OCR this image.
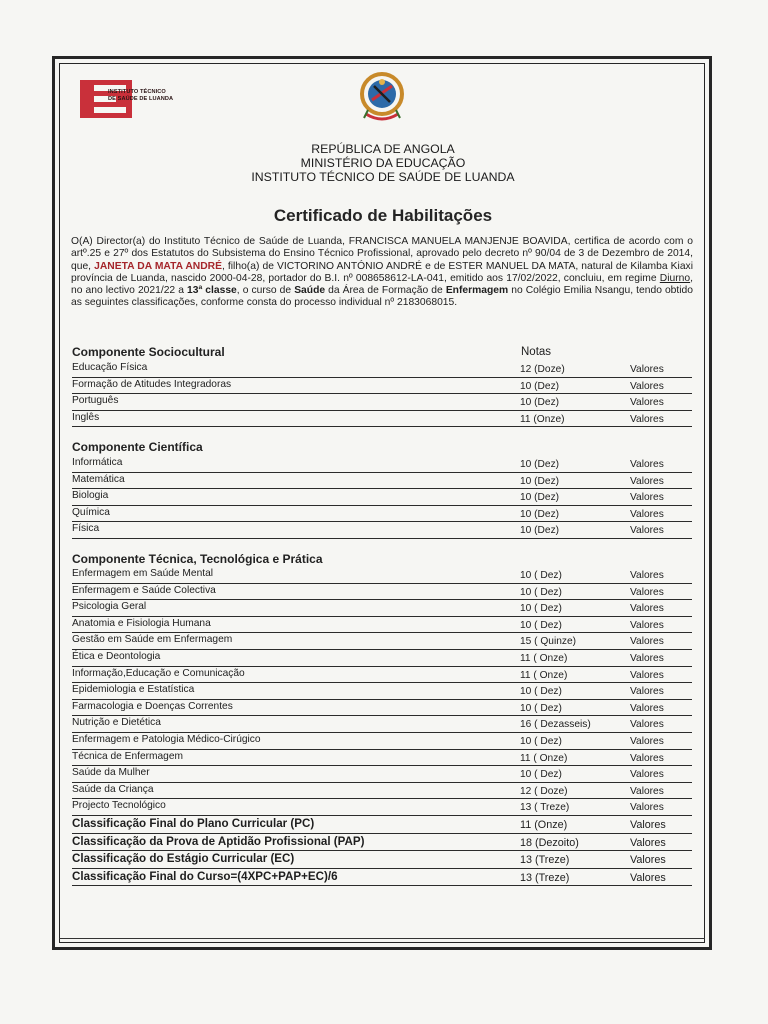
INSTITUTO TÉCNICO
DE SAÚDE DE LUANDA
REPÚBLICA DE ANGOLA
MINISTÉRIO DA EDUCAÇÃO
INSTITUTO TÉCNICO DE SAÚDE DE LUANDA
Certificado de Habilitações
O(A) Director(a) do Instituto Técnico de Saúde de Luanda, FRANCISCA MANUELA MANJENJE BOAVIDA, certifica de acordo com o artº.25 e 27º dos Estatutos do Subsistema do Ensino Técnico Profissional, aprovado pelo decreto nº 90/04 de 3 de Dezembro de 2014, que, JANETA DA MATA ANDRÉ, filho(a) de VICTORINO ANTÓNIO ANDRÉ e de ESTER MANUEL DA MATA, natural de Kilamba Kiaxi província de Luanda, nascido 2000-04-28, portador do B.I. nº 008658612-LA-041, emitido aos 17/02/2022, concluiu, em regime Diurno, no ano lectivo 2021/22 a 13ª classe, o curso de Saúde da Área de Formação de Enfermagem no Colégio Emilia Nsangu, tendo obtido as seguintes classificações, conforme consta do processo individual nº 2183068015.
Notas
Componente Sociocultural
Educação Física	12 (Doze)	Valores
Formação de Atitudes Integradoras	10 (Dez)	Valores
Português	10 (Dez)	Valores
Inglês	11 (Onze)	Valores
Componente Científica
Informática	10 (Dez)	Valores
Matemática	10 (Dez)	Valores
Biologia	10 (Dez)	Valores
Química	10 (Dez)	Valores
Física	10 (Dez)	Valores
Componente Técnica, Tecnológica e Prática
Enfermagem em Saúde Mental	10 ( Dez)	Valores
Enfermagem e Saúde Colectiva	10 ( Dez)	Valores
Psicologia Geral	10 ( Dez)	Valores
Anatomia e Fisiologia Humana	10 ( Dez)	Valores
Gestão em Saúde em Enfermagem	15 ( Quinze)	Valores
Ética e Deontologia	11 ( Onze)	Valores
Informação,Educação e Comunicação	11 ( Onze)	Valores
Epidemiologia e Estatística	10 ( Dez)	Valores
Farmacologia e Doenças Correntes	10 ( Dez)	Valores
Nutrição e Dietética	16 ( Dezasseis)	Valores
Enfermagem e Patologia Médico-Cirúgico	10 ( Dez)	Valores
Técnica de Enfermagem	11 ( Onze)	Valores
Saúde da Mulher	10 ( Dez)	Valores
Saúde da Criança	12 ( Doze)	Valores
Projecto Tecnológico	13 ( Treze)	Valores
Classificação Final do Plano Curricular (PC)	11 (Onze)	Valores
Classificação da Prova de Aptidão Profissional (PAP)	18 (Dezoito)	Valores
Classificação do Estágio Curricular (EC)	13 (Treze)	Valores
Classificação Final do Curso=(4XPC+PAP+EC)/6	13 (Treze)	Valores
